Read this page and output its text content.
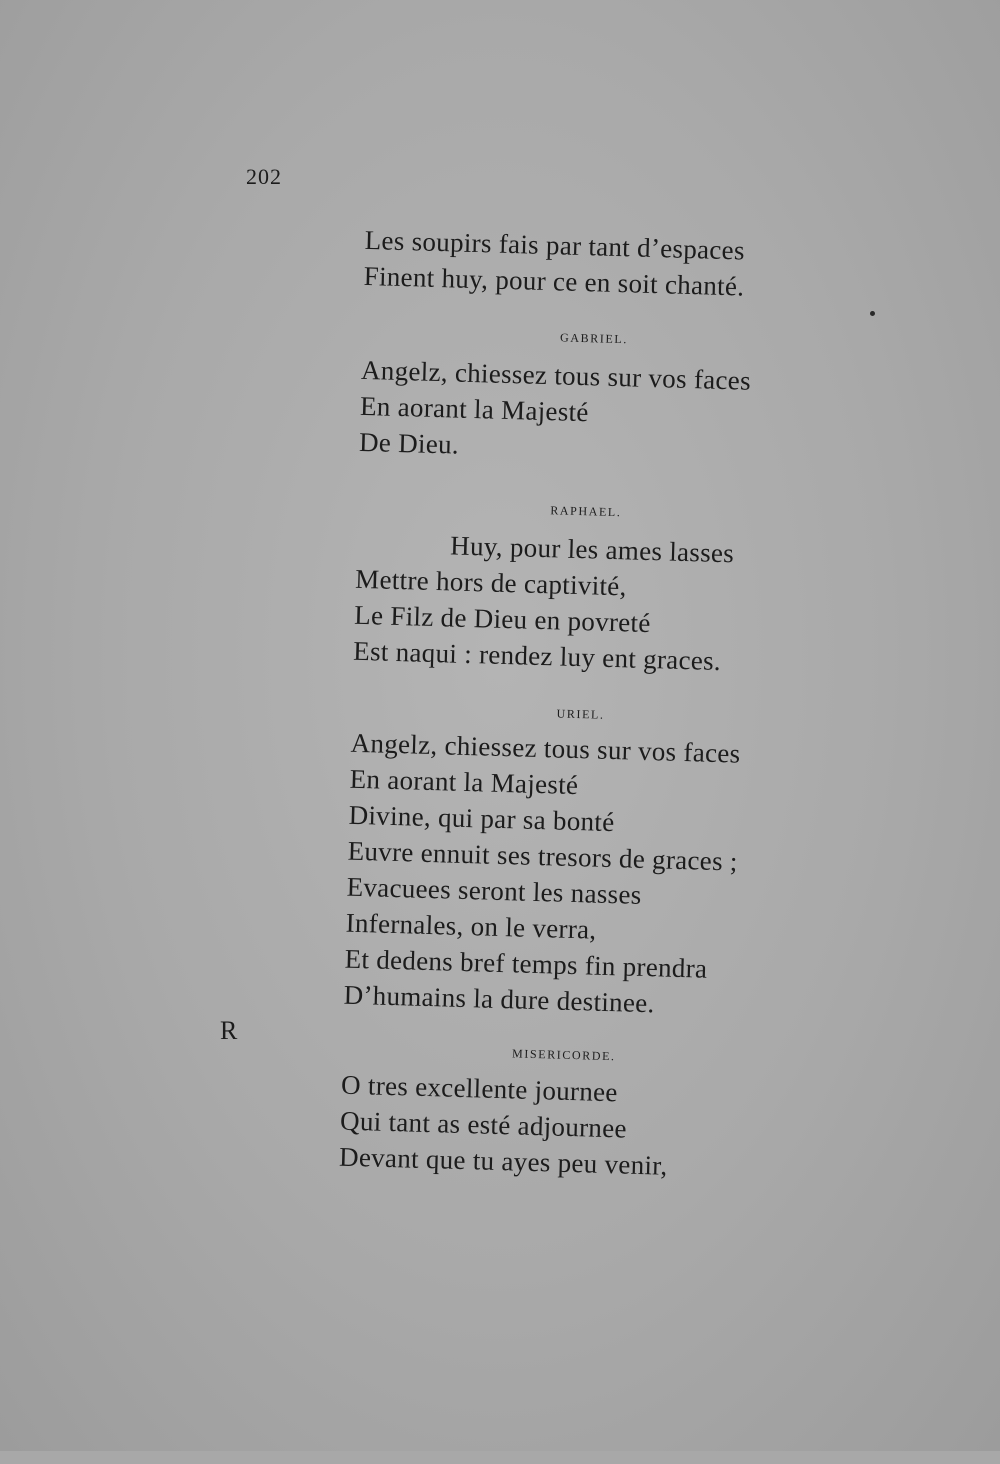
202
R
Les soupirs fais par tant d’espaces
Finent huy, pour ce en soit chanté.
GABRIEL.
Angelz, chiessez tous sur vos faces
En aorant la Majesté
De Dieu.
RAPHAEL.
Huy, pour les ames lasses
Mettre hors de captivité,
Le Filz de Dieu en povreté
Est naqui : rendez luy ent graces.
URIEL.
Angelz, chiessez tous sur vos faces
En aorant la Majesté
Divine, qui par sa bonté
Euvre ennuit ses tresors de graces ;
Evacuees seront les nasses
Infernales, on le verra,
Et dedens bref temps fin prendra
D’humains la dure destinee.
MISERICORDE.
O tres excellente journee
Qui tant as esté adjournee
Devant que tu ayes peu venir,
